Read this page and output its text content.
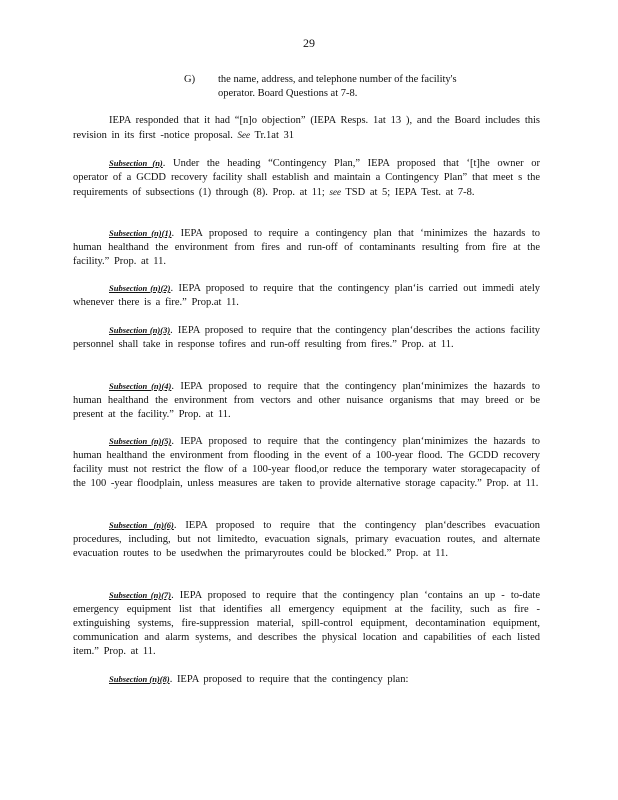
29
G) the name, address, and telephone number of the facility's
operator. Board Questions at 7-8.

IEPA responded that it had “[n]o objection” (IEPA Resps. 1at 13 ), and the Board includes this revision in its first -notice proposal. See Tr.1at 31

Subsection (n). Under the heading “Contingency Plan,” IEPA proposed that ‘[t]he owner or operator of a GCDD recovery facility shall establish and maintain a Contingency Plan” that meet s the requirements of subsections (1) through (8). Prop. at 11; see TSD at 5; IEPA Test. at 7-8.

Subsection (n)(1). IEPA proposed to require a contingency plan that ‘minimizes the hazards to human healthand the environment from fires and run-off of contaminants resulting from fire at the facility.” Prop. at 11.

Subsection (n)(2). IEPA proposed to require that the contingency plan‘is carried out immedi ately whenever there is a fire.” Prop.at 11.

Subsection (n)(3). IEPA proposed to require that the contingency plan‘describes the actions facility personnel shall take in response tofires and run-off resulting from fires.” Prop. at 11.

Subsection (n)(4). IEPA proposed to require that the contingency plan‘minimizes the hazards to human healthand the environment from vectors and other nuisance organisms that may breed or be present at the facility.” Prop. at 11.

Subsection (n)(5). IEPA proposed to require that the contingency plan‘minimizes the hazards to human healthand the environment from flooding in the event of a 100-year flood. The GCDD recovery facility must not restrict the flow of a 100-year flood,or reduce the temporary water storagecapacity of the 100 -year floodplain, unless measures are taken to provide alternative storage capacity.” Prop. at 11.

Subsection (n)(6). IEPA proposed to require that the contingency plan‘describes evacuation procedures, including, but not limitedto, evacuation signals, primary evacuation routes, and alternate evacuation routes to be usedwhen the primaryroutes could be blocked.” Prop. at 11.

Subsection (n)(7). IEPA proposed to require that the contingency plan ‘contains an up - to-date emergency equipment list that identifies all emergency equipment at the facility, such as fire -extinguishing systems, fire-suppression material, spill-control equipment, decontamination equipment, communication and alarm systems, and describes the physical location and capabilities of each listed item.” Prop. at 11.

Subsection (n)(8). IEPA proposed to require that the contingency plan:
